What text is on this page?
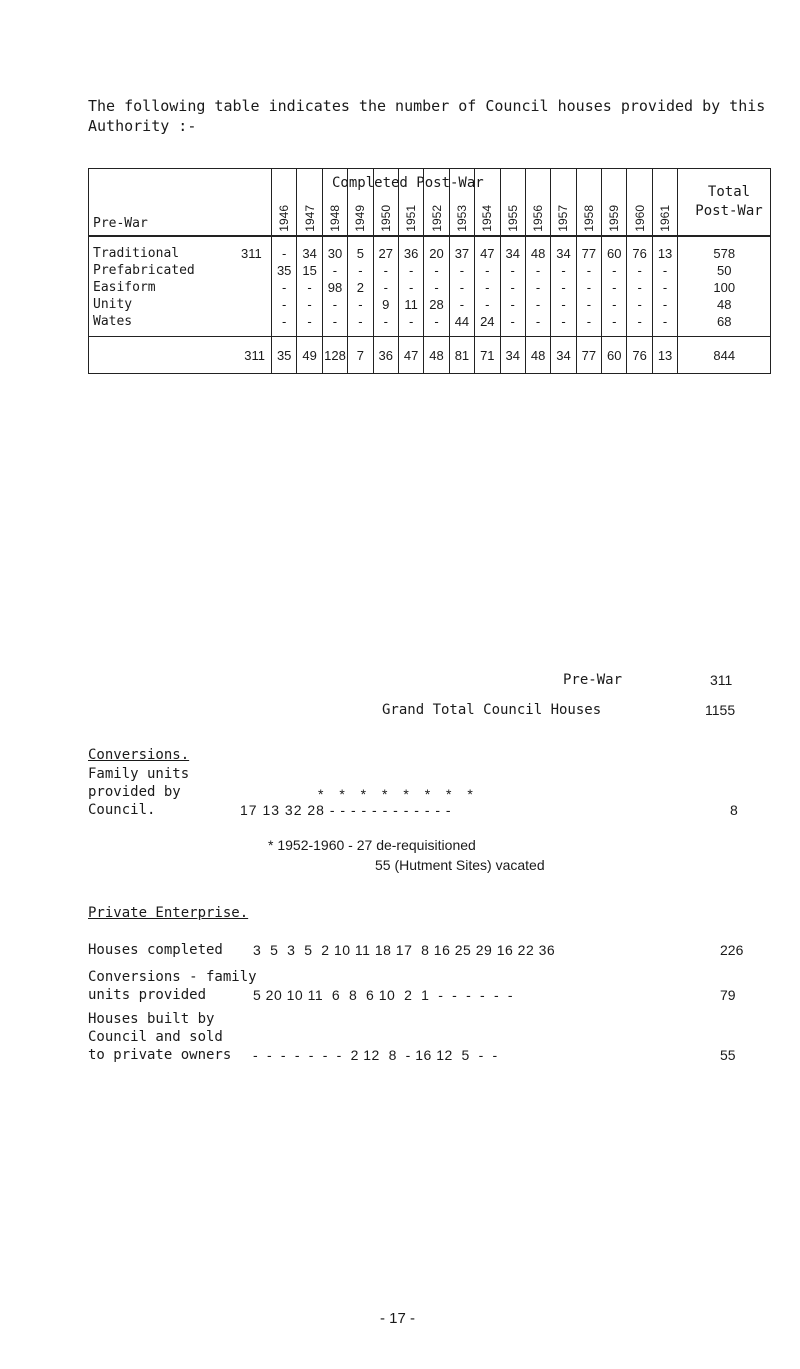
The following table indicates the number of Council houses provided by this Authority :-
Completed Post-War
Total Post-War
Pre-War		1946	1947	1948	1949	1950	1951	1952	1953	1954	1955	1956	1957	1958	1959	1960	1961	
Traditional	311	-	34	30	5	27	36	20	37	47	34	48	34	77	60	76	13	578
Prefabricated		35	15	-	-	-	-	-	-	-	-	-	-	-	-	-	-	50
Easiform		-	-	98	2	-	-	-	-	-	-	-	-	-	-	-	-	100
Unity		-	-	-	-	9	11	28	-	-	-	-	-	-	-	-	-	48
Wates		-	-	-	-	-	-	-	44	24	-	-	-	-	-	-	-	68
311		35	49	128	7	36	47	48	81	71	34	48	34	77	60	76	13	844
Pre-War	311
Grand Total Council Houses	1155
Conversions.
Family units
provided by
Council.
* * * * * * * *
17 13 32 28 - - - - - - - - - - - -	8
* 1952-1960 - 27 de-requisitioned
55 (Hutment Sites) vacated
Private Enterprise.
Houses completed 3  5  3  5  2 10 11 18 17  8 16 25 29 16 22 36	226
Conversions - family
units provided	5 20 10 11  6  8  6 10  2  1  -  -  -  -  -  -	79
Houses built by
Council and sold
to private owners -  -  -  -  -  -  -  2 12  8  - 16 12  5  -  -	55
- 17 -
